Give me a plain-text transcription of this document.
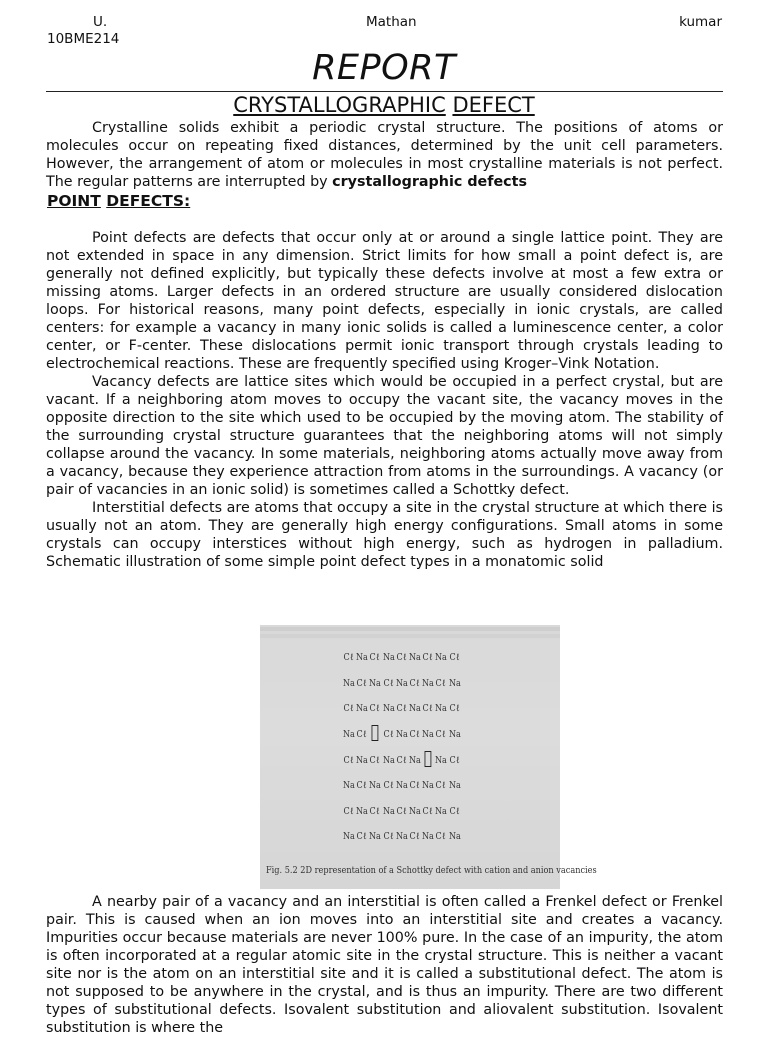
U.
10BME214
Mathan	kumar
REPORT
CRYSTALLOGRAPHIC DEFECT

Crystalline solids exhibit a periodic crystal structure. The positions of atoms or molecules occur on repeating fixed distances, determined by the unit cell parameters. However, the arrangement of atom or molecules in most crystalline materials is not perfect. The regular patterns are interrupted by crystallographic defects

POINT DEFECTS:

Point defects are defects that occur only at or around a single lattice point. They are not extended in space in any dimension. Strict limits for how small a point defect is, are generally not defined explicitly, but typically these defects involve at most a few extra or missing atoms. Larger defects in an ordered structure are usually considered dislocation loops. For historical reasons, many point defects, especially in ionic crystals, are called centers: for example a vacancy in many ionic solids is called a luminescence center, a color center, or F-center. These dislocations permit ionic transport through crystals leading to electrochemical reactions. These are frequently specified using Kroger–Vink Notation.

Vacancy defects are lattice sites which would be occupied in a perfect crystal, but are vacant. If a neighboring atom moves to occupy the vacant site, the vacancy moves in the opposite direction to the site which used to be occupied by the moving atom. The stability of the surrounding crystal structure guarantees that the neighboring atoms will not simply collapse around the vacancy. In some materials, neighboring atoms actually move away from a vacancy, because they experience attraction from atoms in the surroundings. A vacancy (or pair of vacancies in an ionic solid) is sometimes called a Schottky defect.

Interstitial defects are atoms that occupy a site in the crystal structure at which there is usually not an atom. They are generally high energy configurations. Small atoms in some crystals can occupy interstices without high energy, such as hydrogen in palladium. Schematic illustration of some simple point defect types in a monatomic solid

Cℓ Na Cℓ Na Cℓ Na Cℓ Na Cℓ
Na Cℓ Na Cℓ Na Cℓ Na Cℓ Na
Cℓ Na Cℓ Na Cℓ Na Cℓ Na Cℓ
Na Cℓ Cℓ Na Cℓ Na Cℓ Na
Cℓ Na Cℓ Na Cℓ Na Na Cℓ
Na Cℓ Na Cℓ Na Cℓ Na Cℓ Na
Cℓ Na Cℓ Na Cℓ Na Cℓ Na Cℓ
Na Cℓ Na Cℓ Na Cℓ Na Cℓ Na
Fig. 5.2 2D representation of a Schottky defect with cation and anion vacancies

A nearby pair of a vacancy and an interstitial is often called a Frenkel defect or Frenkel pair. This is caused when an ion moves into an interstitial site and creates a vacancy. Impurities occur because materials are never 100% pure. In the case of an impurity, the atom is often incorporated at a regular atomic site in the crystal structure. This is neither a vacant site nor is the atom on an interstitial site and it is called a substitutional defect. The atom is not supposed to be anywhere in the crystal, and is thus an impurity. There are two different types of substitutional defects. Isovalent substitution and aliovalent substitution. Isovalent substitution is where the
